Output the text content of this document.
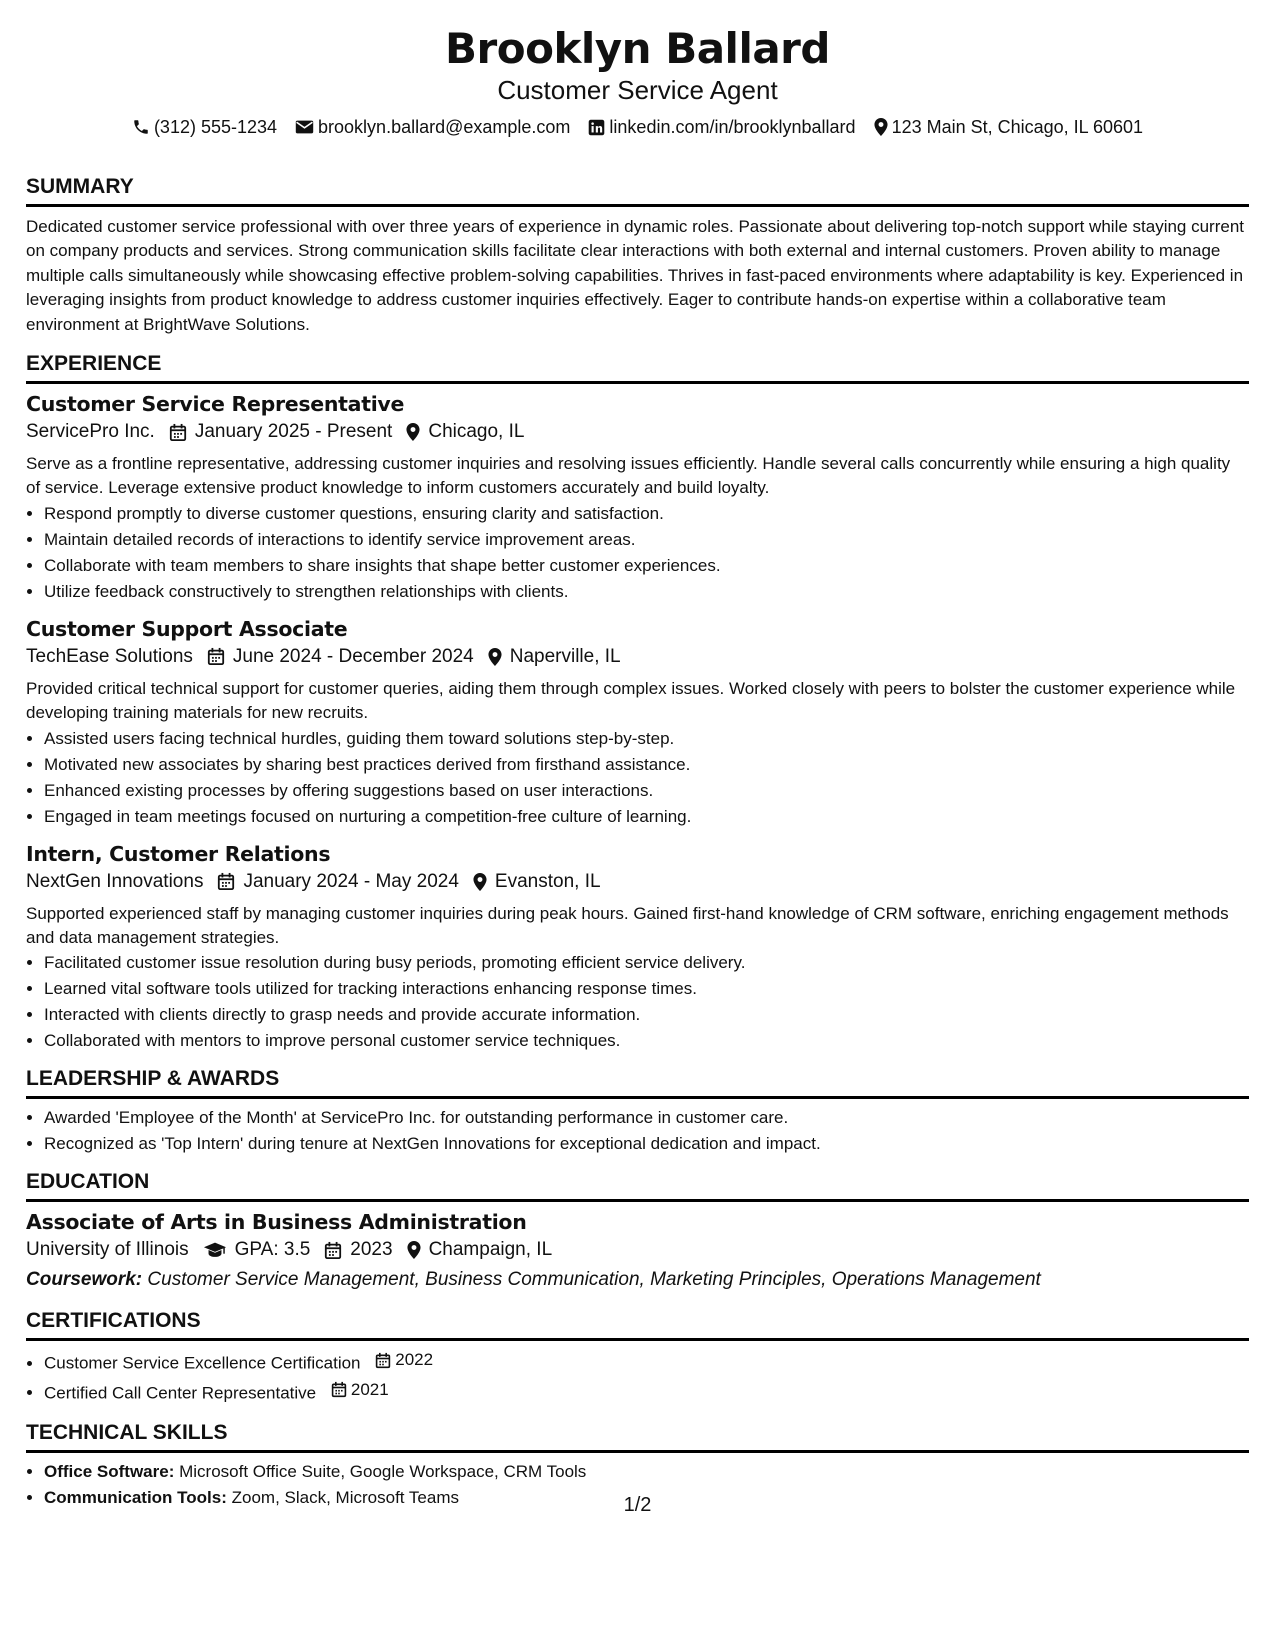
Brooklyn Ballard
Customer Service Agent
(312) 555-1234 brooklyn.ballard@example.com linkedin.com/in/brooklynballard 123 Main St, Chicago, IL 60601
SUMMARY

Dedicated customer service professional with over three years of experience in dynamic roles. Passionate about delivering top-notch support while staying current on company products and services. Strong communication skills facilitate clear interactions with both external and internal customers. Proven ability to manage multiple calls simultaneously while showcasing effective problem-solving capabilities. Thrives in fast-paced environments where adaptability is key. Experienced in leveraging insights from product knowledge to address customer inquiries effectively. Eager to contribute hands-on expertise within a collaborative team environment at BrightWave Solutions.

EXPERIENCE
Customer Service Representative
ServicePro Inc. January 2025 - Present Chicago, IL

Serve as a frontline representative, addressing customer inquiries and resolving issues efficiently. Handle several calls concurrently while ensuring a high quality of service. Leverage extensive product knowledge to inform customers accurately and build loyalty.

• Respond promptly to diverse customer questions, ensuring clarity and satisfaction.
• Maintain detailed records of interactions to identify service improvement areas.
• Collaborate with team members to share insights that shape better customer experiences.
• Utilize feedback constructively to strengthen relationships with clients.
Customer Support Associate
TechEase Solutions June 2024 - December 2024 Naperville, IL

Provided critical technical support for customer queries, aiding them through complex issues. Worked closely with peers to bolster the customer experience while developing training materials for new recruits.

• Assisted users facing technical hurdles, guiding them toward solutions step-by-step.
• Motivated new associates by sharing best practices derived from firsthand assistance.
• Enhanced existing processes by offering suggestions based on user interactions.
• Engaged in team meetings focused on nurturing a competition-free culture of learning.
Intern, Customer Relations
NextGen Innovations January 2024 - May 2024 Evanston, IL

Supported experienced staff by managing customer inquiries during peak hours. Gained first-hand knowledge of CRM software, enriching engagement methods and data management strategies.

• Facilitated customer issue resolution during busy periods, promoting efficient service delivery.
• Learned vital software tools utilized for tracking interactions enhancing response times.
• Interacted with clients directly to grasp needs and provide accurate information.
• Collaborated with mentors to improve personal customer service techniques.
LEADERSHIP & AWARDS
• Awarded 'Employee of the Month' at ServicePro Inc. for outstanding performance in customer care.
• Recognized as 'Top Intern' during tenure at NextGen Innovations for exceptional dedication and impact.
EDUCATION
Associate of Arts in Business Administration
University of Illinois GPA: 3.5 2023 Champaign, IL
Coursework: Customer Service Management, Business Communication, Marketing Principles, Operations Management
CERTIFICATIONS
• Customer Service Excellence Certification 2022
• Certified Call Center Representative 2021
TECHNICAL SKILLS
• Office Software: Microsoft Office Suite, Google Workspace, CRM Tools
• Communication Tools: Zoom, Slack, Microsoft Teams	1/2
